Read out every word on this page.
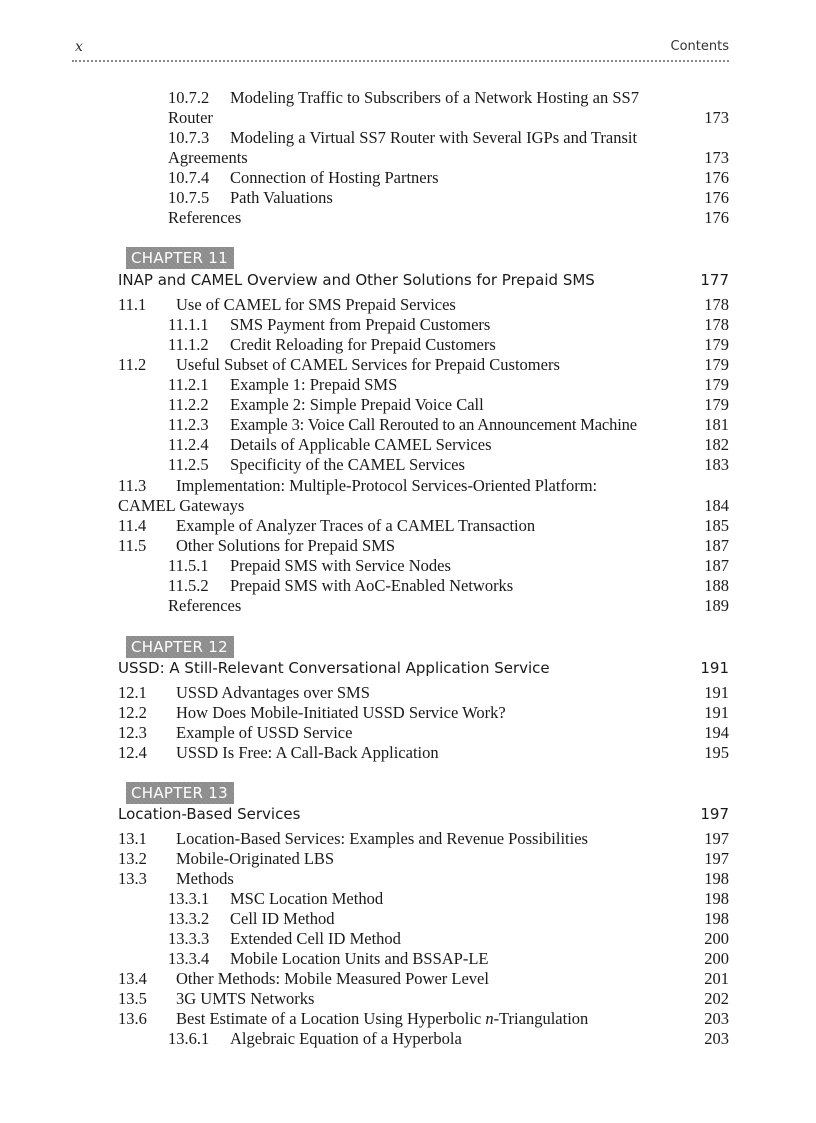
x	Contents
10.7.2 Modeling Traffic to Subscribers of a Network Hosting an SS7
Router	173
10.7.3 Modeling a Virtual SS7 Router with Several IGPs and Transit
Agreements	173
10.7.4 Connection of Hosting Partners	176
10.7.5 Path Valuations	176
References	176
CHAPTER 11
INAP and CAMEL Overview and Other Solutions for Prepaid SMS	177
11.1 Use of CAMEL for SMS Prepaid Services	178
11.1.1 SMS Payment from Prepaid Customers	178
11.1.2 Credit Reloading for Prepaid Customers	179
11.2 Useful Subset of CAMEL Services for Prepaid Customers	179
11.2.1 Example 1: Prepaid SMS	179
11.2.2 Example 2: Simple Prepaid Voice Call	179
11.2.3 Example 3: Voice Call Rerouted to an Announcement Machine	181
11.2.4 Details of Applicable CAMEL Services	182
11.2.5 Specificity of the CAMEL Services	183
11.3 Implementation: Multiple-Protocol Services-Oriented Platform:
CAMEL Gateways	184
11.4 Example of Analyzer Traces of a CAMEL Transaction	185
11.5 Other Solutions for Prepaid SMS	187
11.5.1 Prepaid SMS with Service Nodes	187
11.5.2 Prepaid SMS with AoC-Enabled Networks	188
References	189
CHAPTER 12
USSD: A Still-Relevant Conversational Application Service	191
12.1 USSD Advantages over SMS	191
12.2 How Does Mobile-Initiated USSD Service Work?	191
12.3 Example of USSD Service	194
12.4 USSD Is Free: A Call-Back Application	195
CHAPTER 13
Location-Based Services	197
13.1 Location-Based Services: Examples and Revenue Possibilities	197
13.2 Mobile-Originated LBS	197
13.3 Methods	198
13.3.1 MSC Location Method	198
13.3.2 Cell ID Method	198
13.3.3 Extended Cell ID Method	200
13.3.4 Mobile Location Units and BSSAP-LE	200
13.4 Other Methods: Mobile Measured Power Level	201
13.5 3G UMTS Networks	202
13.6 Best Estimate of a Location Using Hyperbolic n-Triangulation	203
13.6.1 Algebraic Equation of a Hyperbola	203
